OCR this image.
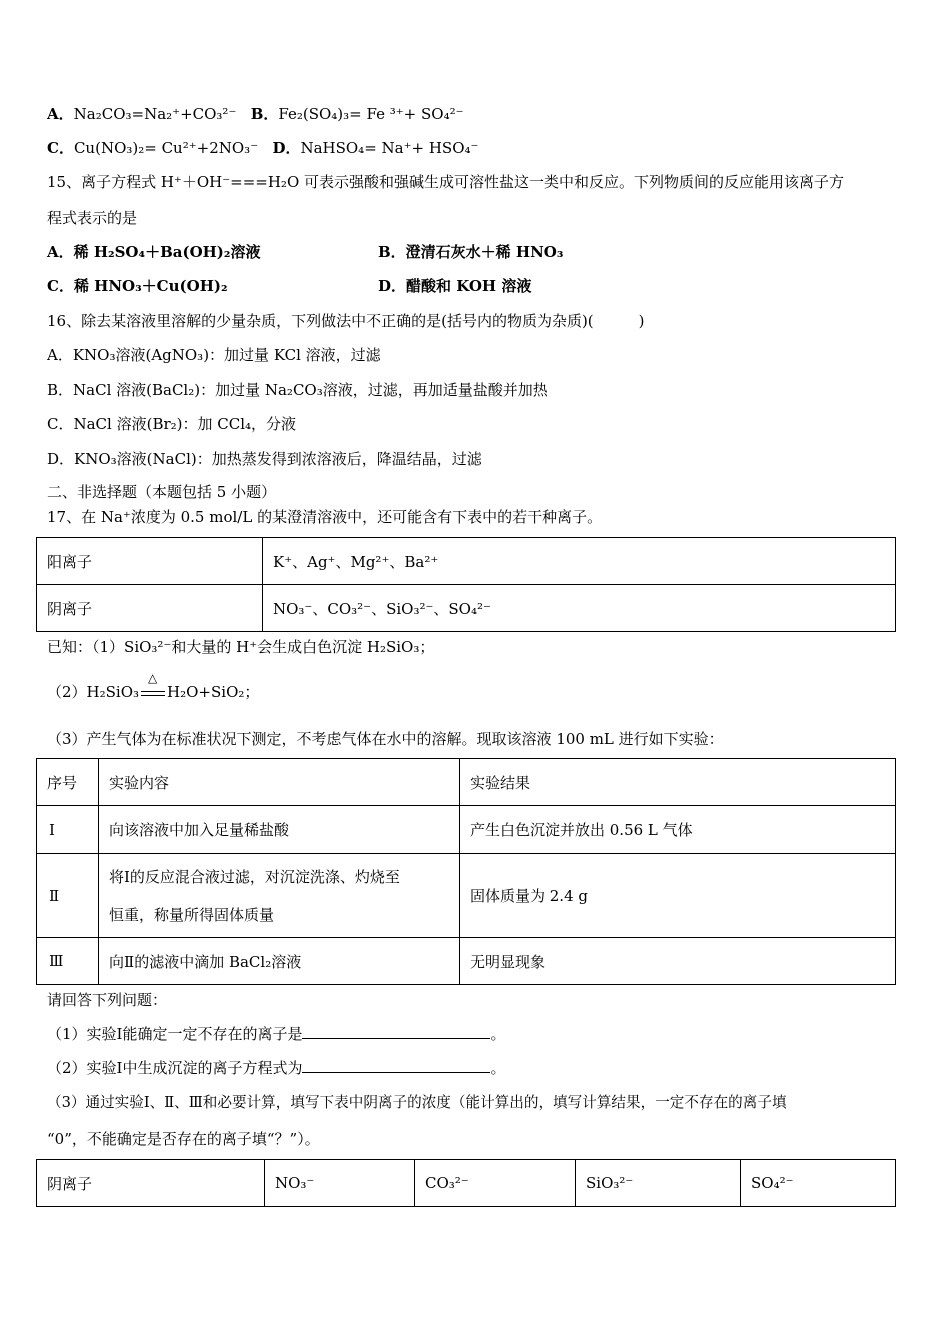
A．Na₂CO₃=Na₂⁺+CO₃²⁻ B．Fe₂(SO₄)₃= Fe ³⁺+ SO₄²⁻
C．Cu(NO₃)₂= Cu²⁺+2NO₃⁻ D．NaHSO₄= Na⁺+ HSO₄⁻
15、离子方程式 H⁺＋OH⁻===H₂O 可表示强酸和强碱生成可溶性盐这一类中和反应。下列物质间的反应能用该离子方
程式表示的是
A．稀 H₂SO₄＋Ba(OH)₂溶液	B．澄清石灰水＋稀 HNO₃
C．稀 HNO₃＋Cu(OH)₂	D．醋酸和 KOH 溶液
16、除去某溶液里溶解的少量杂质，下列做法中不正确的是(括号内的物质为杂质)(　　　)
A．KNO₃溶液(AgNO₃)：加过量 KCl 溶液，过滤
B．NaCl 溶液(BaCl₂)：加过量 Na₂CO₃溶液，过滤，再加适量盐酸并加热
C．NaCl 溶液(Br₂)：加 CCl₄，分液
D．KNO₃溶液(NaCl)：加热蒸发得到浓溶液后，降温结晶，过滤
二、非选择题（本题包括 5 小题）
17、在 Na⁺浓度为 0.5 mol/L 的某澄清溶液中，还可能含有下表中的若干种离子。
阳离子	K⁺、Ag⁺、Mg²⁺、Ba²⁺
阴离子	NO₃⁻、CO₃²⁻、SiO₃²⁻、SO₄²⁻
已知：（1）SiO₃²⁻和大量的 H⁺会生成白色沉淀 H₂SiO₃；
（2）H₂SiO₃
△
H₂O+SiO₂；
（3）产生气体为在标准状况下测定，不考虑气体在水中的溶解。现取该溶液 100 mL 进行如下实验：
序号	实验内容	实验结果
Ⅰ	向该溶液中加入足量稀盐酸	产生白色沉淀并放出 0.56 L 气体
Ⅱ	将Ⅰ的反应混合液过滤，对沉淀洗涤、灼烧至
恒重，称量所得固体质量	固体质量为 2.4 g
Ⅲ	向Ⅱ的滤液中滴加 BaCl₂溶液	无明显现象
请回答下列问题：
（1）实验Ⅰ能确定一定不存在的离子是	。
（2）实验Ⅰ中生成沉淀的离子方程式为	。
（3）通过实验Ⅰ、Ⅱ、Ⅲ和必要计算，填写下表中阴离子的浓度（能计算出的，填写计算结果，一定不存在的离子填
“0”，不能确定是否存在的离子填“？”）。
阴离子	NO₃⁻	CO₃²⁻	SiO₃²⁻	SO₄²⁻
